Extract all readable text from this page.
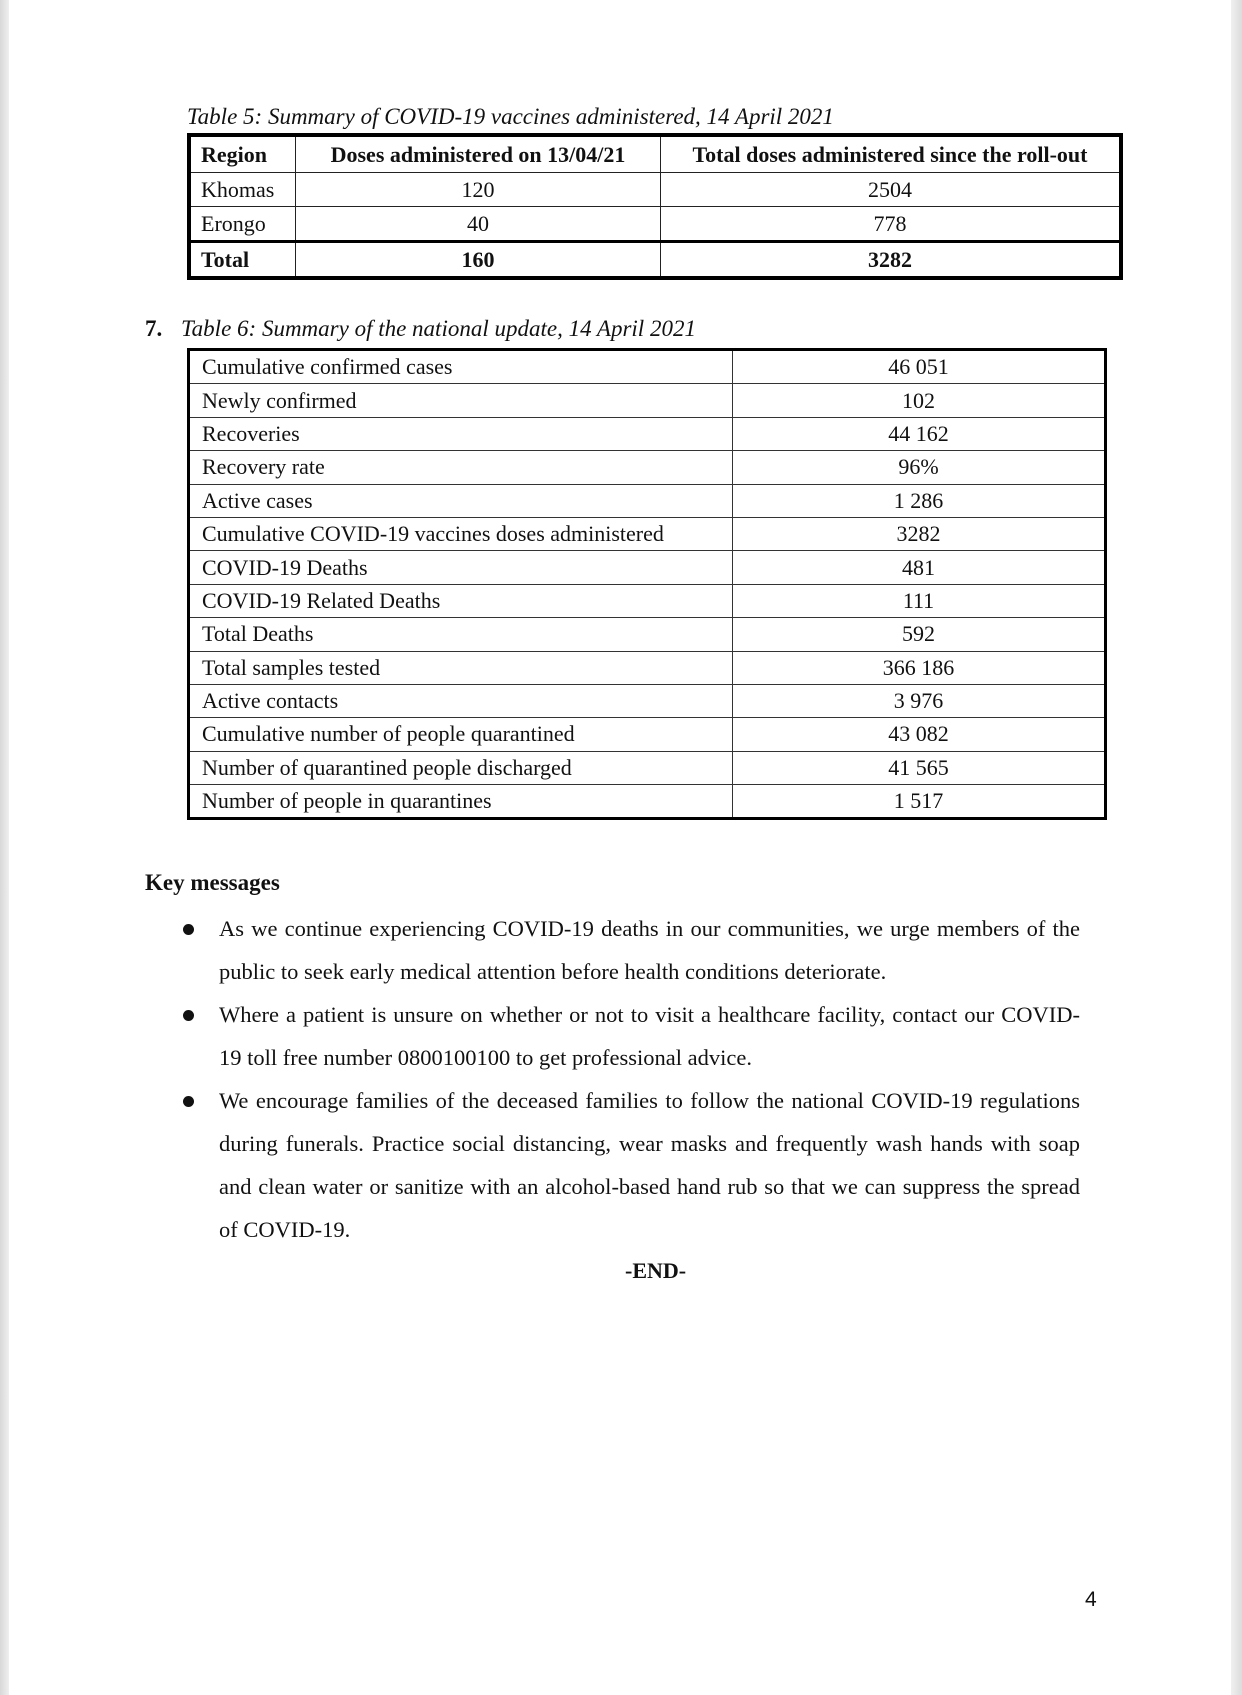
Table 5: Summary of COVID-19 vaccines administered, 14 April 2021
Region	Doses administered on 13/04/21	Total doses administered since the roll-out
Khomas	120	2504
Erongo	40	778
Total	160	3282
7. Table 6: Summary of the national update, 14 April 2021
Cumulative confirmed cases	46 051
Newly confirmed	102
Recoveries	44 162
Recovery rate	96%
Active cases	1 286
Cumulative COVID-19 vaccines doses administered	3282
COVID-19 Deaths	481
COVID-19 Related Deaths	111
Total Deaths	592
Total samples tested	366 186
Active contacts	3 976
Cumulative number of people quarantined	43 082
Number of quarantined people discharged	41 565
Number of people in quarantines	1 517
Key messages
As we continue experiencing COVID-19 deaths in our communities, we urge members of the public to seek early medical attention before health conditions deteriorate.
Where a patient is unsure on whether or not to visit a healthcare facility, contact our COVID-19 toll free number 0800100100 to get professional advice.
We encourage families of the deceased families to follow the national COVID-19 regulations during funerals. Practice social distancing, wear masks and frequently wash hands with soap and clean water or sanitize with an alcohol-based hand rub so that we can suppress the spread of COVID-19.
-END-
4
